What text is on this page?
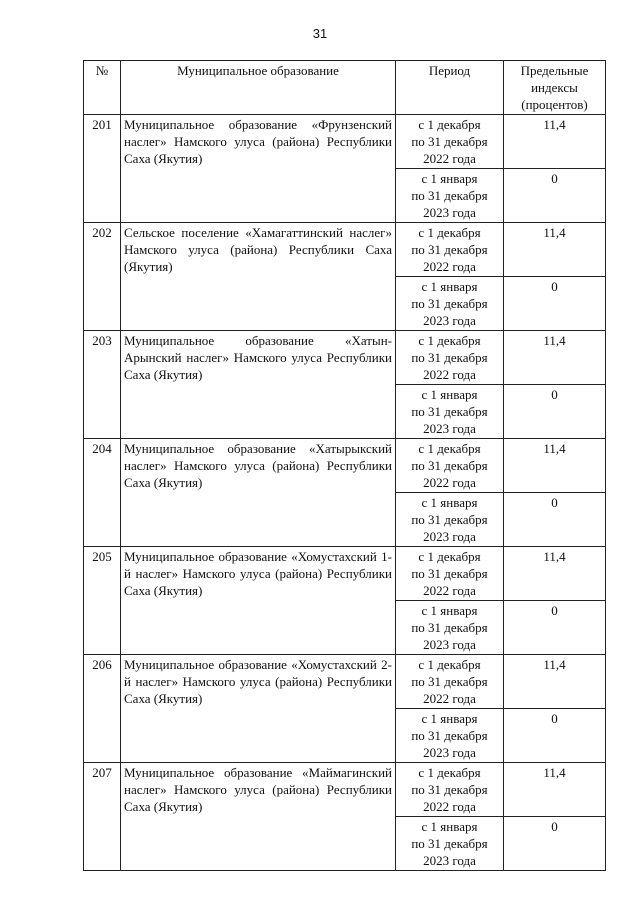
31
№	Муниципальное образование	Период	Предельные индексы (процентов)
201	Муниципальное образование «Фрунзенский наслег» Намского улуса (района) Республики Саха (Якутия)	с 1 декабря
по 31 декабря
2022 года	11,4

		с 1 января
по 31 декабря
2023 года	0
202	Сельское поселение «Хамагаттинский наслег» Намского улуса (района) Республики Саха (Якутия)	с 1 декабря
по 31 декабря
2022 года	11,4

		с 1 января
по 31 декабря
2023 года	0
203	Муниципальное образование «Хатын-Арынский наслег» Намского улуса Республики Саха (Якутия)	с 1 декабря
по 31 декабря
2022 года	11,4

		с 1 января
по 31 декабря
2023 года	0
204	Муниципальное образование «Хатырыкский наслег» Намского улуса (района) Республики Саха (Якутия)	с 1 декабря
по 31 декабря
2022 года	11,4

		с 1 января
по 31 декабря
2023 года	0
205	Муниципальное образование «Хомустахский 1-й наслег» Намского улуса (района) Республики Саха (Якутия)	с 1 декабря
по 31 декабря
2022 года	11,4

		с 1 января
по 31 декабря
2023 года	0
206	Муниципальное образование «Хомустахский 2-й наслег» Намского улуса (района) Республики Саха (Якутия)	с 1 декабря
по 31 декабря
2022 года	11,4

		с 1 января
по 31 декабря
2023 года	0
207	Муниципальное образование «Маймагинский наслег» Намского улуса (района) Республики Саха (Якутия)	с 1 декабря
по 31 декабря
2022 года	11,4

		с 1 января
по 31 декабря
2023 года	0
